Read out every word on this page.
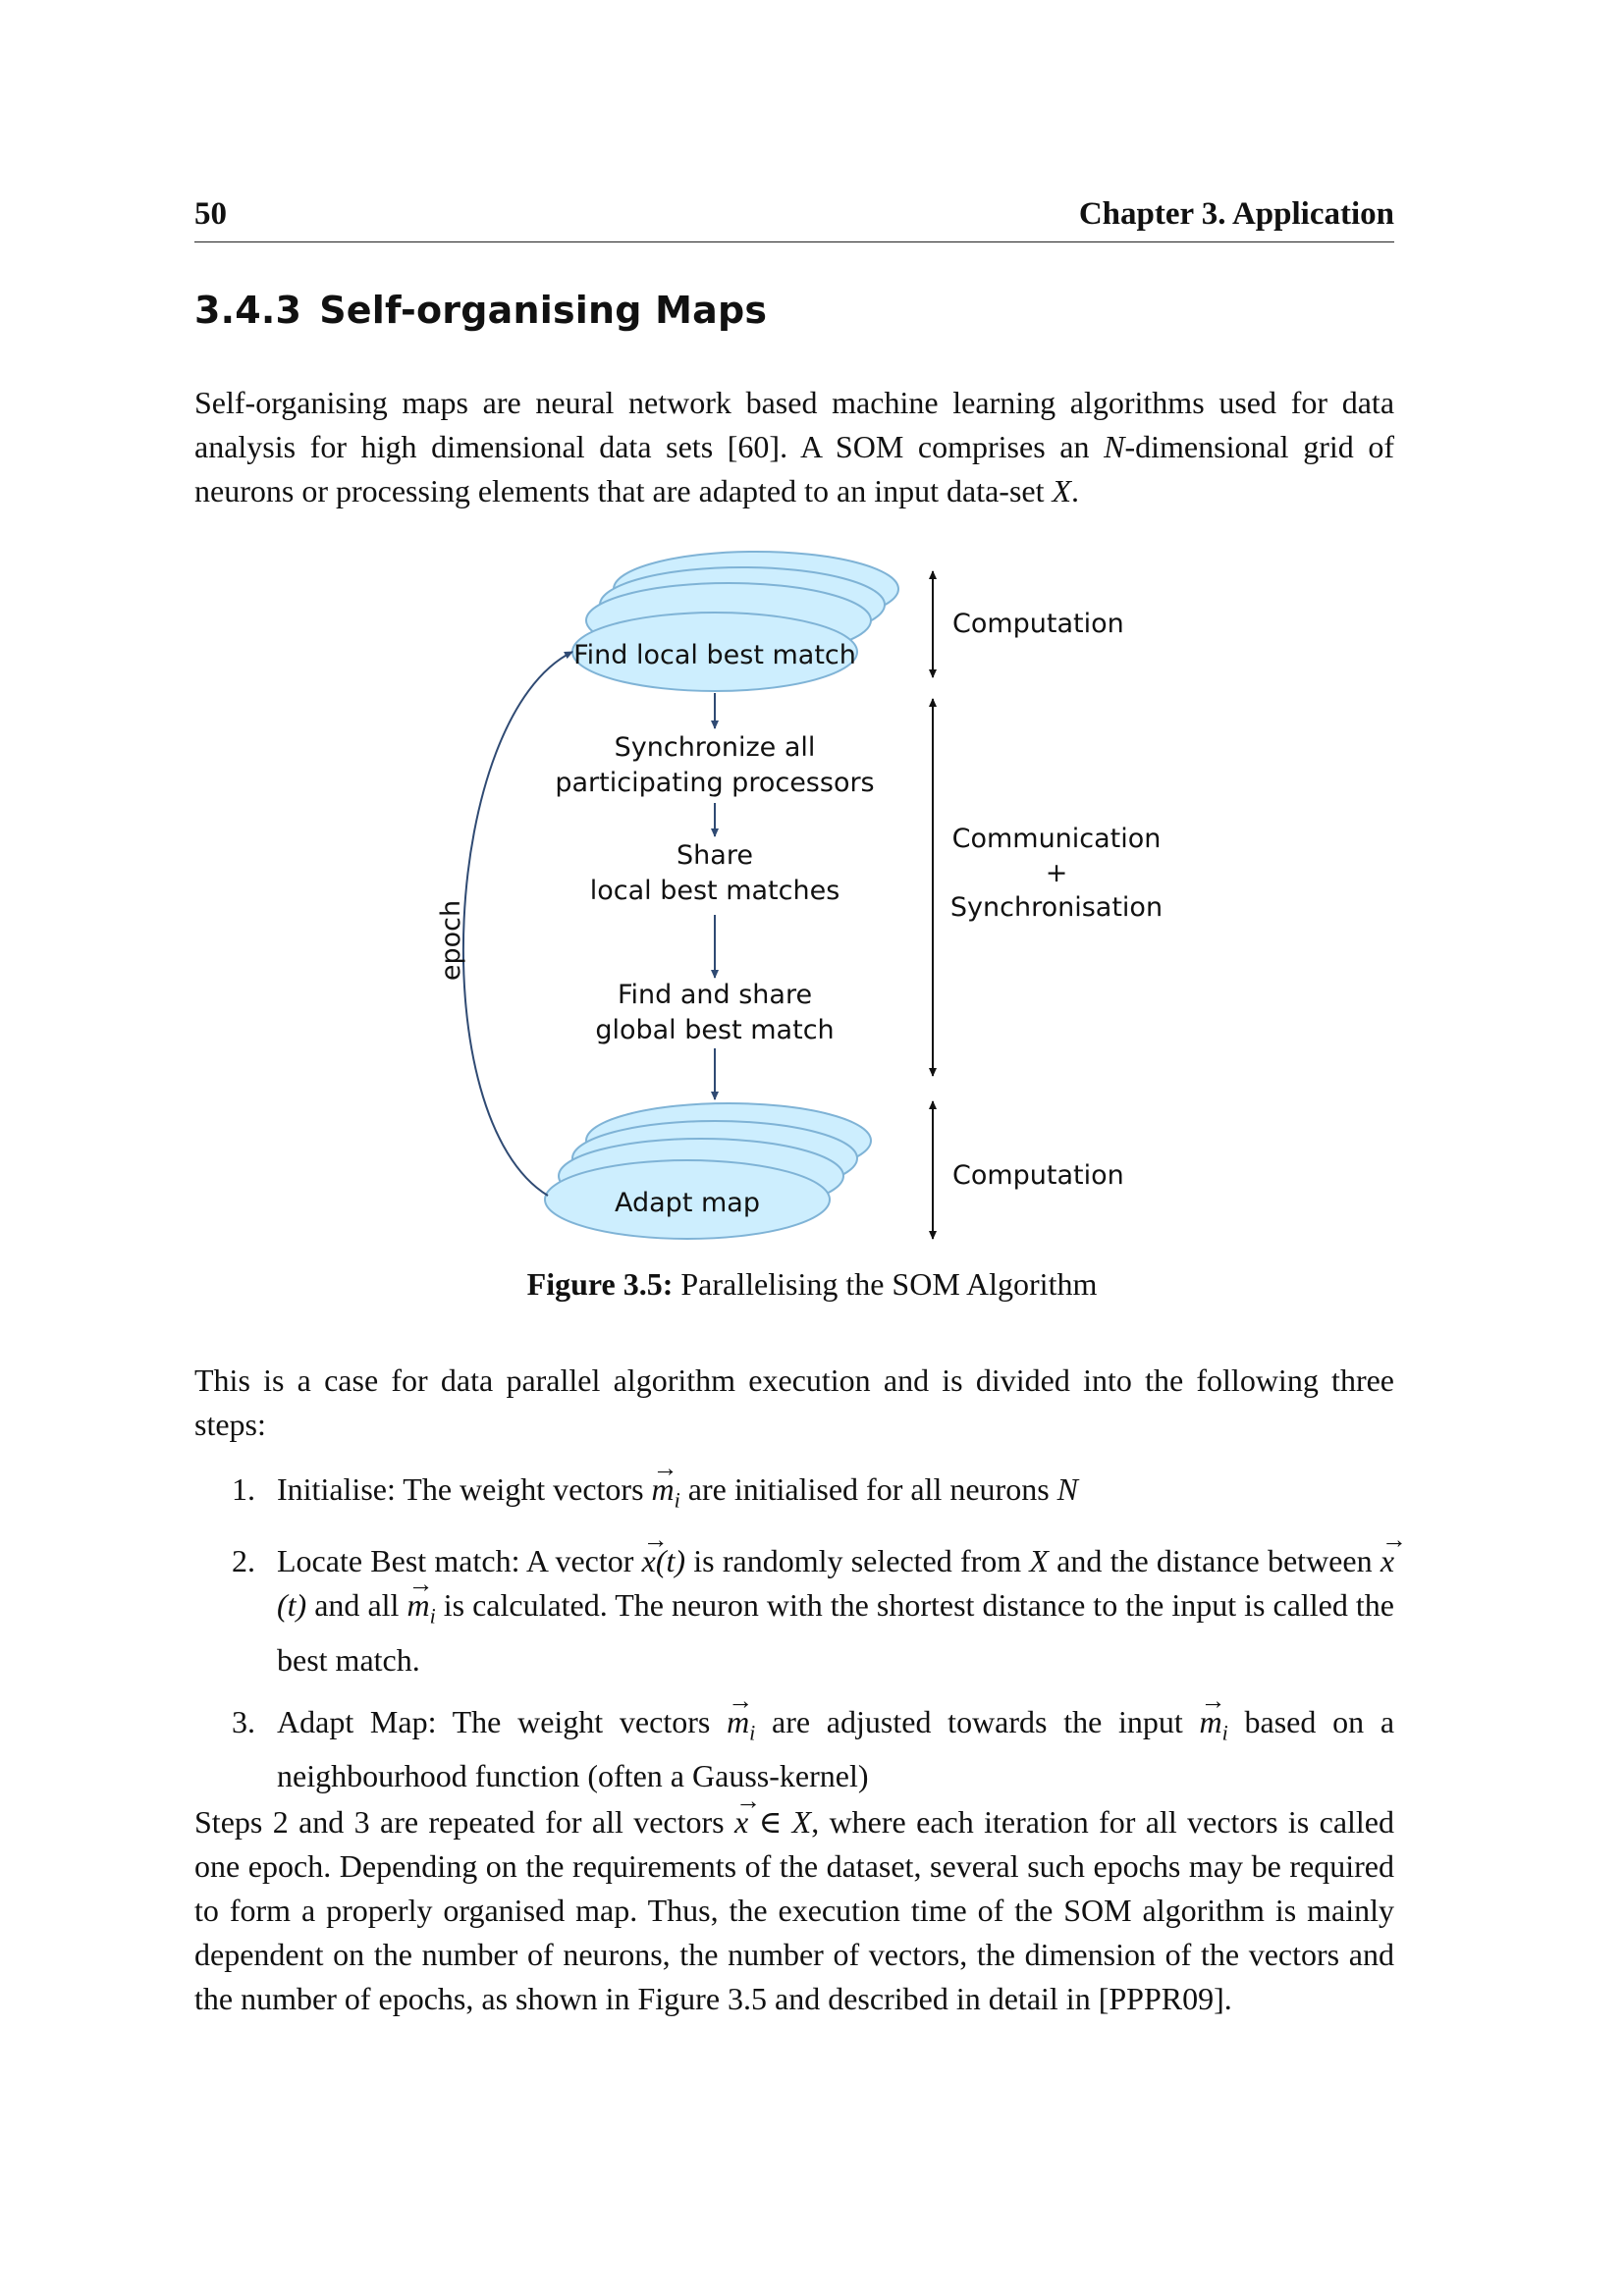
50	Chapter 3. Application
3.4.3 Self-organising Maps
Self-organising maps are neural network based machine learning algorithms used for data analysis for high dimensional data sets [60]. A SOM comprises an N-dimensional grid of neurons or processing elements that are adapted to an input data-set X.
Find local best match
Synchronize all
participating processors
Share
local best matches
Find and share
global best match
Adapt map
epoch
Computation
Communication
+
Synchronisation
Computation
Figure 3.5: Parallelising the SOM Algorithm
This is a case for data parallel algorithm execution and is divided into the following three steps:
1. Initialise: The weight vectors → $m_i$ are initialised for all neurons N
2. Locate Best match: A vector → x(t) is randomly selected from X and the distance between → x(t) and all → $m_i$ is calculated. The neuron with the shortest distance to the input is called the best match.
3. Adapt Map: The weight vectors → $m_i$ are adjusted towards the input → $m_i$ based on a neighbourhood function (often a Gauss-kernel)
Steps 2 and 3 are repeated for all vectors → x ∈ X, where each iteration for all vectors is called one epoch. Depending on the requirements of the dataset, several such epochs may be required to form a properly organised map. Thus, the execution time of the SOM algorithm is mainly dependent on the number of neurons, the number of vectors, the dimension of the vectors and the number of epochs, as shown in Figure 3.5 and described in detail in [PPPR09].
